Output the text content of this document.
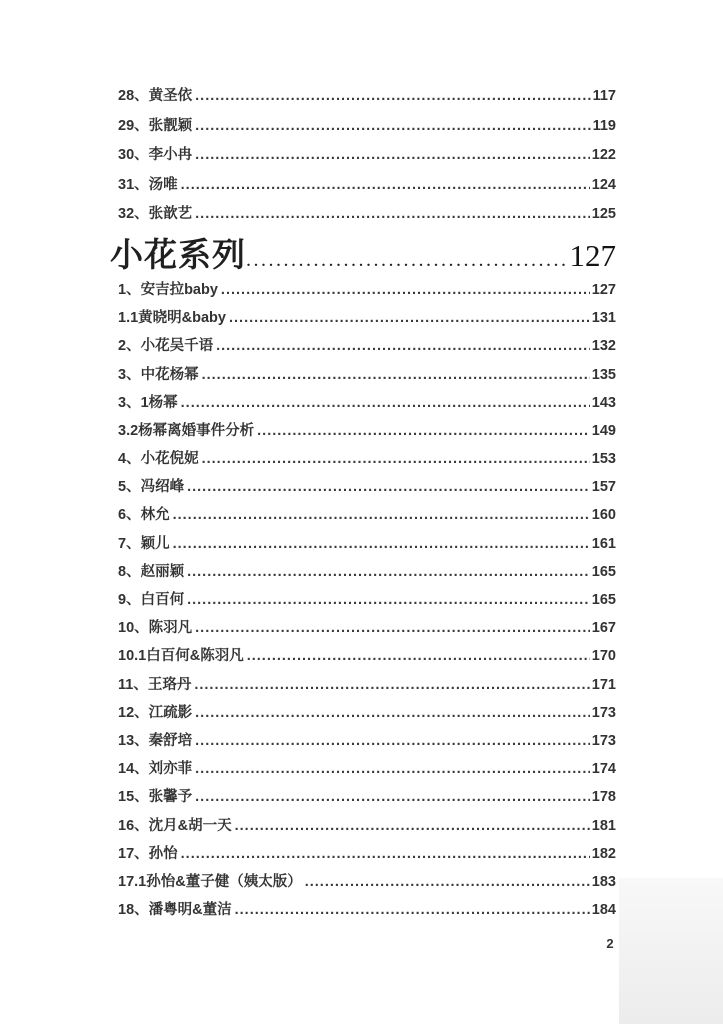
28、黄圣依 .....	117
29、张靓颖 .....	119
30、李小冉 .....	122
31、汤唯 .....	124
32、张歆艺 .....	125
小花系列 .....	127
1、安吉拉baby .....	127
1.1黄晓明&baby .....	131
2、小花吴千语 .....	132
3、中花杨幂 .....	135
3、1杨幂 .....	143
3.2杨幂离婚事件分析 .....	149
4、小花倪妮 .....	153
5、冯绍峰 .....	157
6、林允 .....	160
7、颖儿 .....	161
8、赵丽颖 .....	165
9、白百何 .....	165
10、陈羽凡 .....	167
10.1白百何&陈羽凡 .....	170
11、王珞丹 .....	171
12、江疏影 .....	173
13、秦舒培 .....	173
14、刘亦菲 .....	174
15、张馨予 .....	178
16、沈月&胡一天 .....	181
17、孙怡 .....	182
17.1孙怡&董子健（姨太版） .....	183
18、潘粤明&董洁 .....	184
2
